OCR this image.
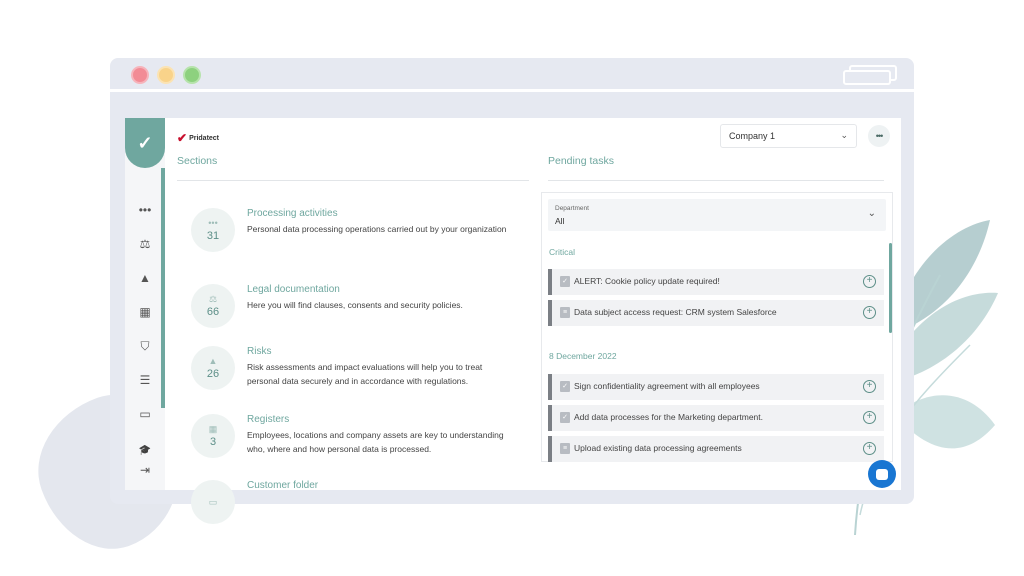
✓
•••
⚖
▲
▦
⛉
☰
▭
🎓
⇥
✔ Pridatect	Company 1	⌄	•••
Sections
•••
31
Processing activities
Personal data processing operations carried out by your organization
⚖
66
Legal documentation
Here you will find clauses, consents and security policies.
▲
26
Risks
Risk assessments and impact evaluations will help you to treat personal data securely and in accordance with regulations.
▦
3
Registers
Employees, locations and company assets are key to understanding who, where and how personal data is processed.
▭
Customer folder
Pending tasks
Department
All
⌄
Critical
✓ ALERT: Cookie policy update required!	+
≡ Data subject access request: CRM system Salesforce	+
8 December 2022
✓ Sign confidentiality agreement with all employees	+
✓ Add data processes for the Marketing department.	+
≡ Upload existing data processing agreements	+
